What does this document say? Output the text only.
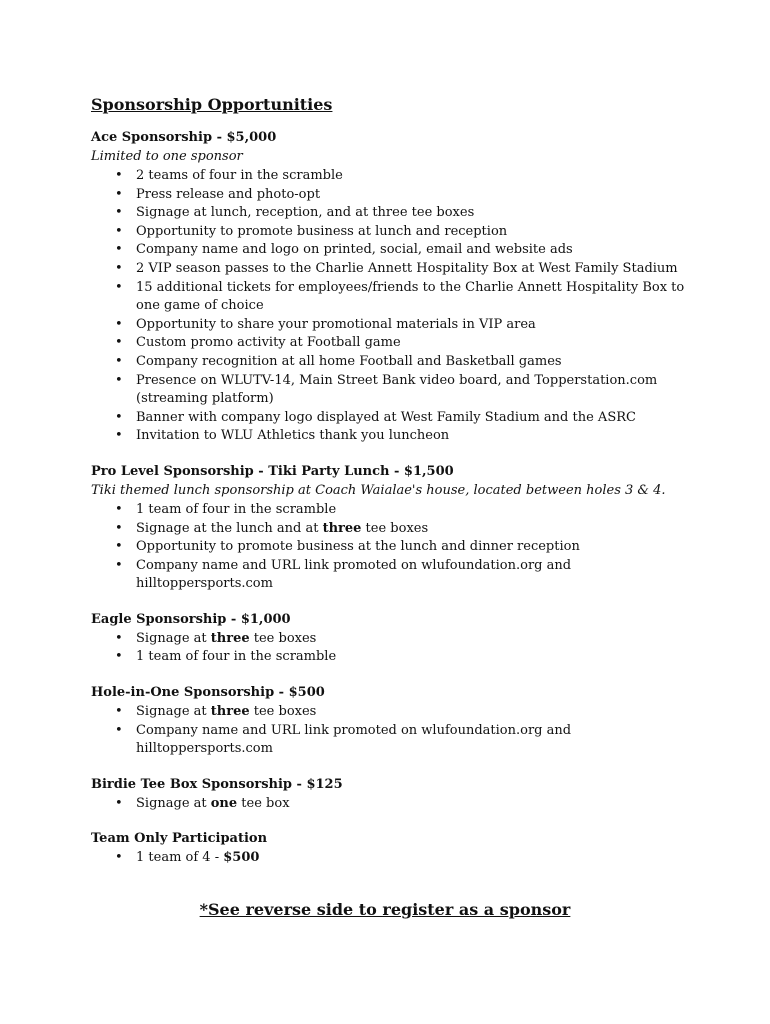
Sponsorship Opportunities
Ace Sponsorship - $5,000
Limited to one sponsor
• 2 teams of four in the scramble
• Press release and photo-opt
• Signage at lunch, reception, and at three tee boxes
• Opportunity to promote business at lunch and reception
• Company name and logo on printed, social, email and website ads
• 2 VIP season passes to the Charlie Annett Hospitality Box at West Family Stadium
• 15 additional tickets for employees/friends to the Charlie Annett Hospitality Box to one game of choice
• Opportunity to share your promotional materials in VIP area
• Custom promo activity at Football game
• Company recognition at all home Football and Basketball games
• Presence on WLUTV-14, Main Street Bank video board, and Topperstation.com (streaming platform)
• Banner with company logo displayed at West Family Stadium and the ASRC
• Invitation to WLU Athletics thank you luncheon
Pro Level Sponsorship - Tiki Party Lunch - $1,500
Tiki themed lunch sponsorship at Coach Waialae's house, located between holes 3 & 4.
• 1 team of four in the scramble
• Signage at the lunch and at three tee boxes
• Opportunity to promote business at the lunch and dinner reception
• Company name and URL link promoted on wlufoundation.org and hilltoppersports.com
Eagle Sponsorship - $1,000
• Signage at three tee boxes
• 1 team of four in the scramble
Hole-in-One Sponsorship - $500
• Signage at three tee boxes
• Company name and URL link promoted on wlufoundation.org and hilltoppersports.com
Birdie Tee Box Sponsorship - $125
• Signage at one tee box
Team Only Participation
• 1 team of 4 - $500
*See reverse side to register as a sponsor
